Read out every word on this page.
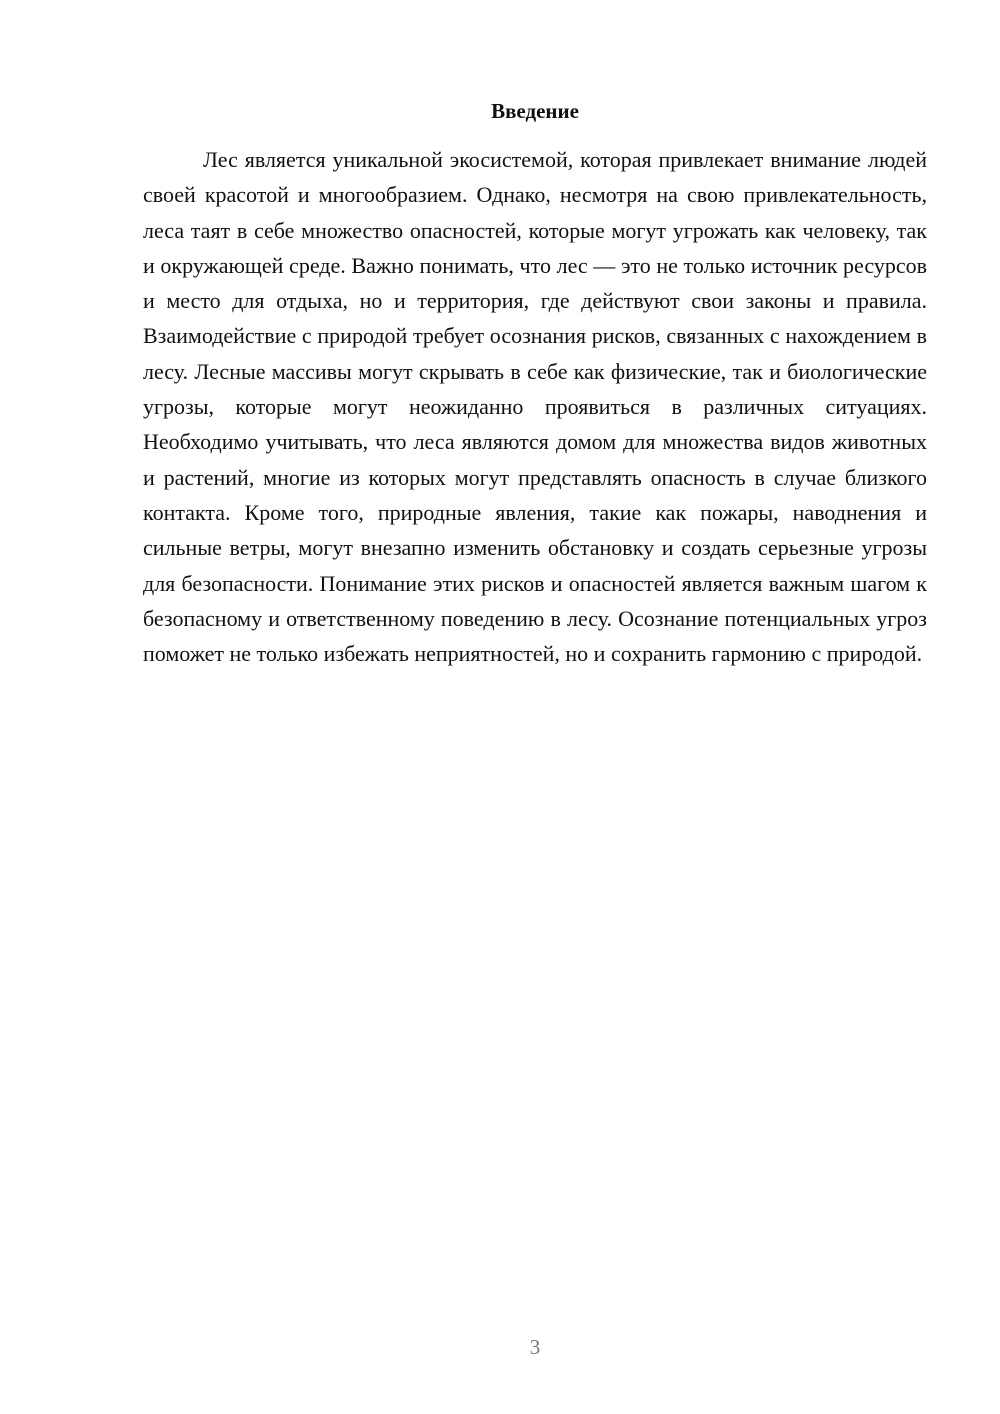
Введение

Лес является уникальной экосистемой, которая привлекает внимание людей своей красотой и многообразием. Однако, несмотря на свою привлекательность, леса таят в себе множество опасностей, которые могут угрожать как человеку, так и окружающей среде. Важно понимать, что лес — это не только источник ресурсов и место для отдыха, но и территория, где действуют свои законы и правила. Взаимодействие с природой требует осознания рисков, связанных с нахождением в лесу. Лесные массивы могут скрывать в себе как физические, так и биологические угрозы, которые могут неожиданно проявиться в различных ситуациях. Необходимо учитывать, что леса являются домом для множества видов животных и растений, многие из которых могут представлять опасность в случае близкого контакта. Кроме того, природные явления, такие как пожары, наводнения и сильные ветры, могут внезапно изменить обстановку и создать серьезные угрозы для безопасности. Понимание этих рисков и опасностей является важным шагом к безопасному и ответственному поведению в лесу. Осознание потенциальных угроз поможет не только избежать неприятностей, но и сохранить гармонию с природой.

3
